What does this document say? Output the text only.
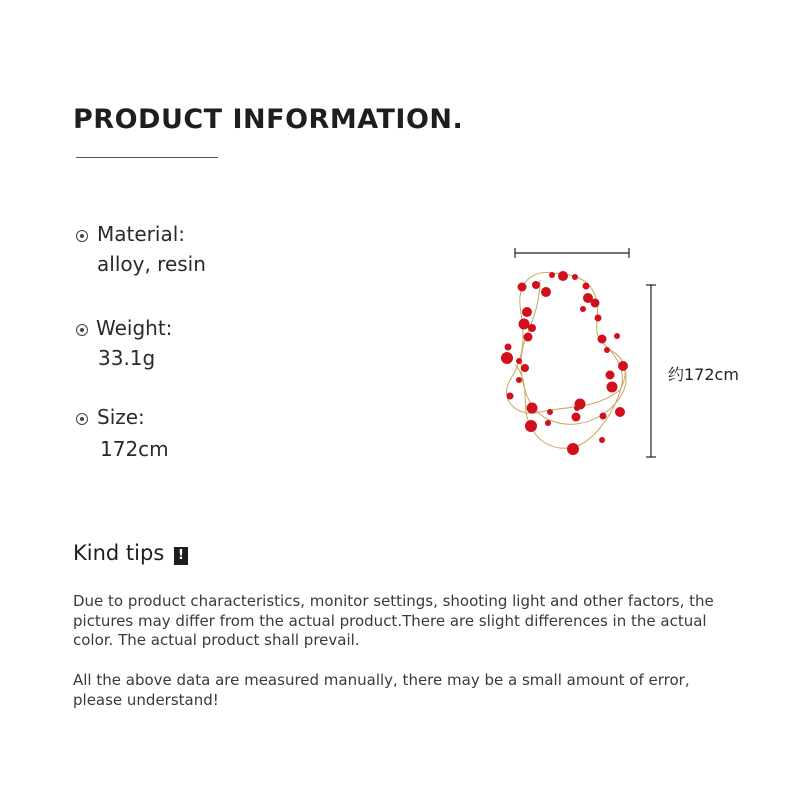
PRODUCT INFORMATION.
Material:
alloy, resin
Weight:
33.1g
Size:
172cm
约172cm
Kind tips !
Due to product characteristics, monitor settings, shooting light and other factors, the pictures may differ from the actual product.There are slight differences in the actual color. The actual product shall prevail.
All the above data are measured manually, there may be a small amount of error, please understand!
